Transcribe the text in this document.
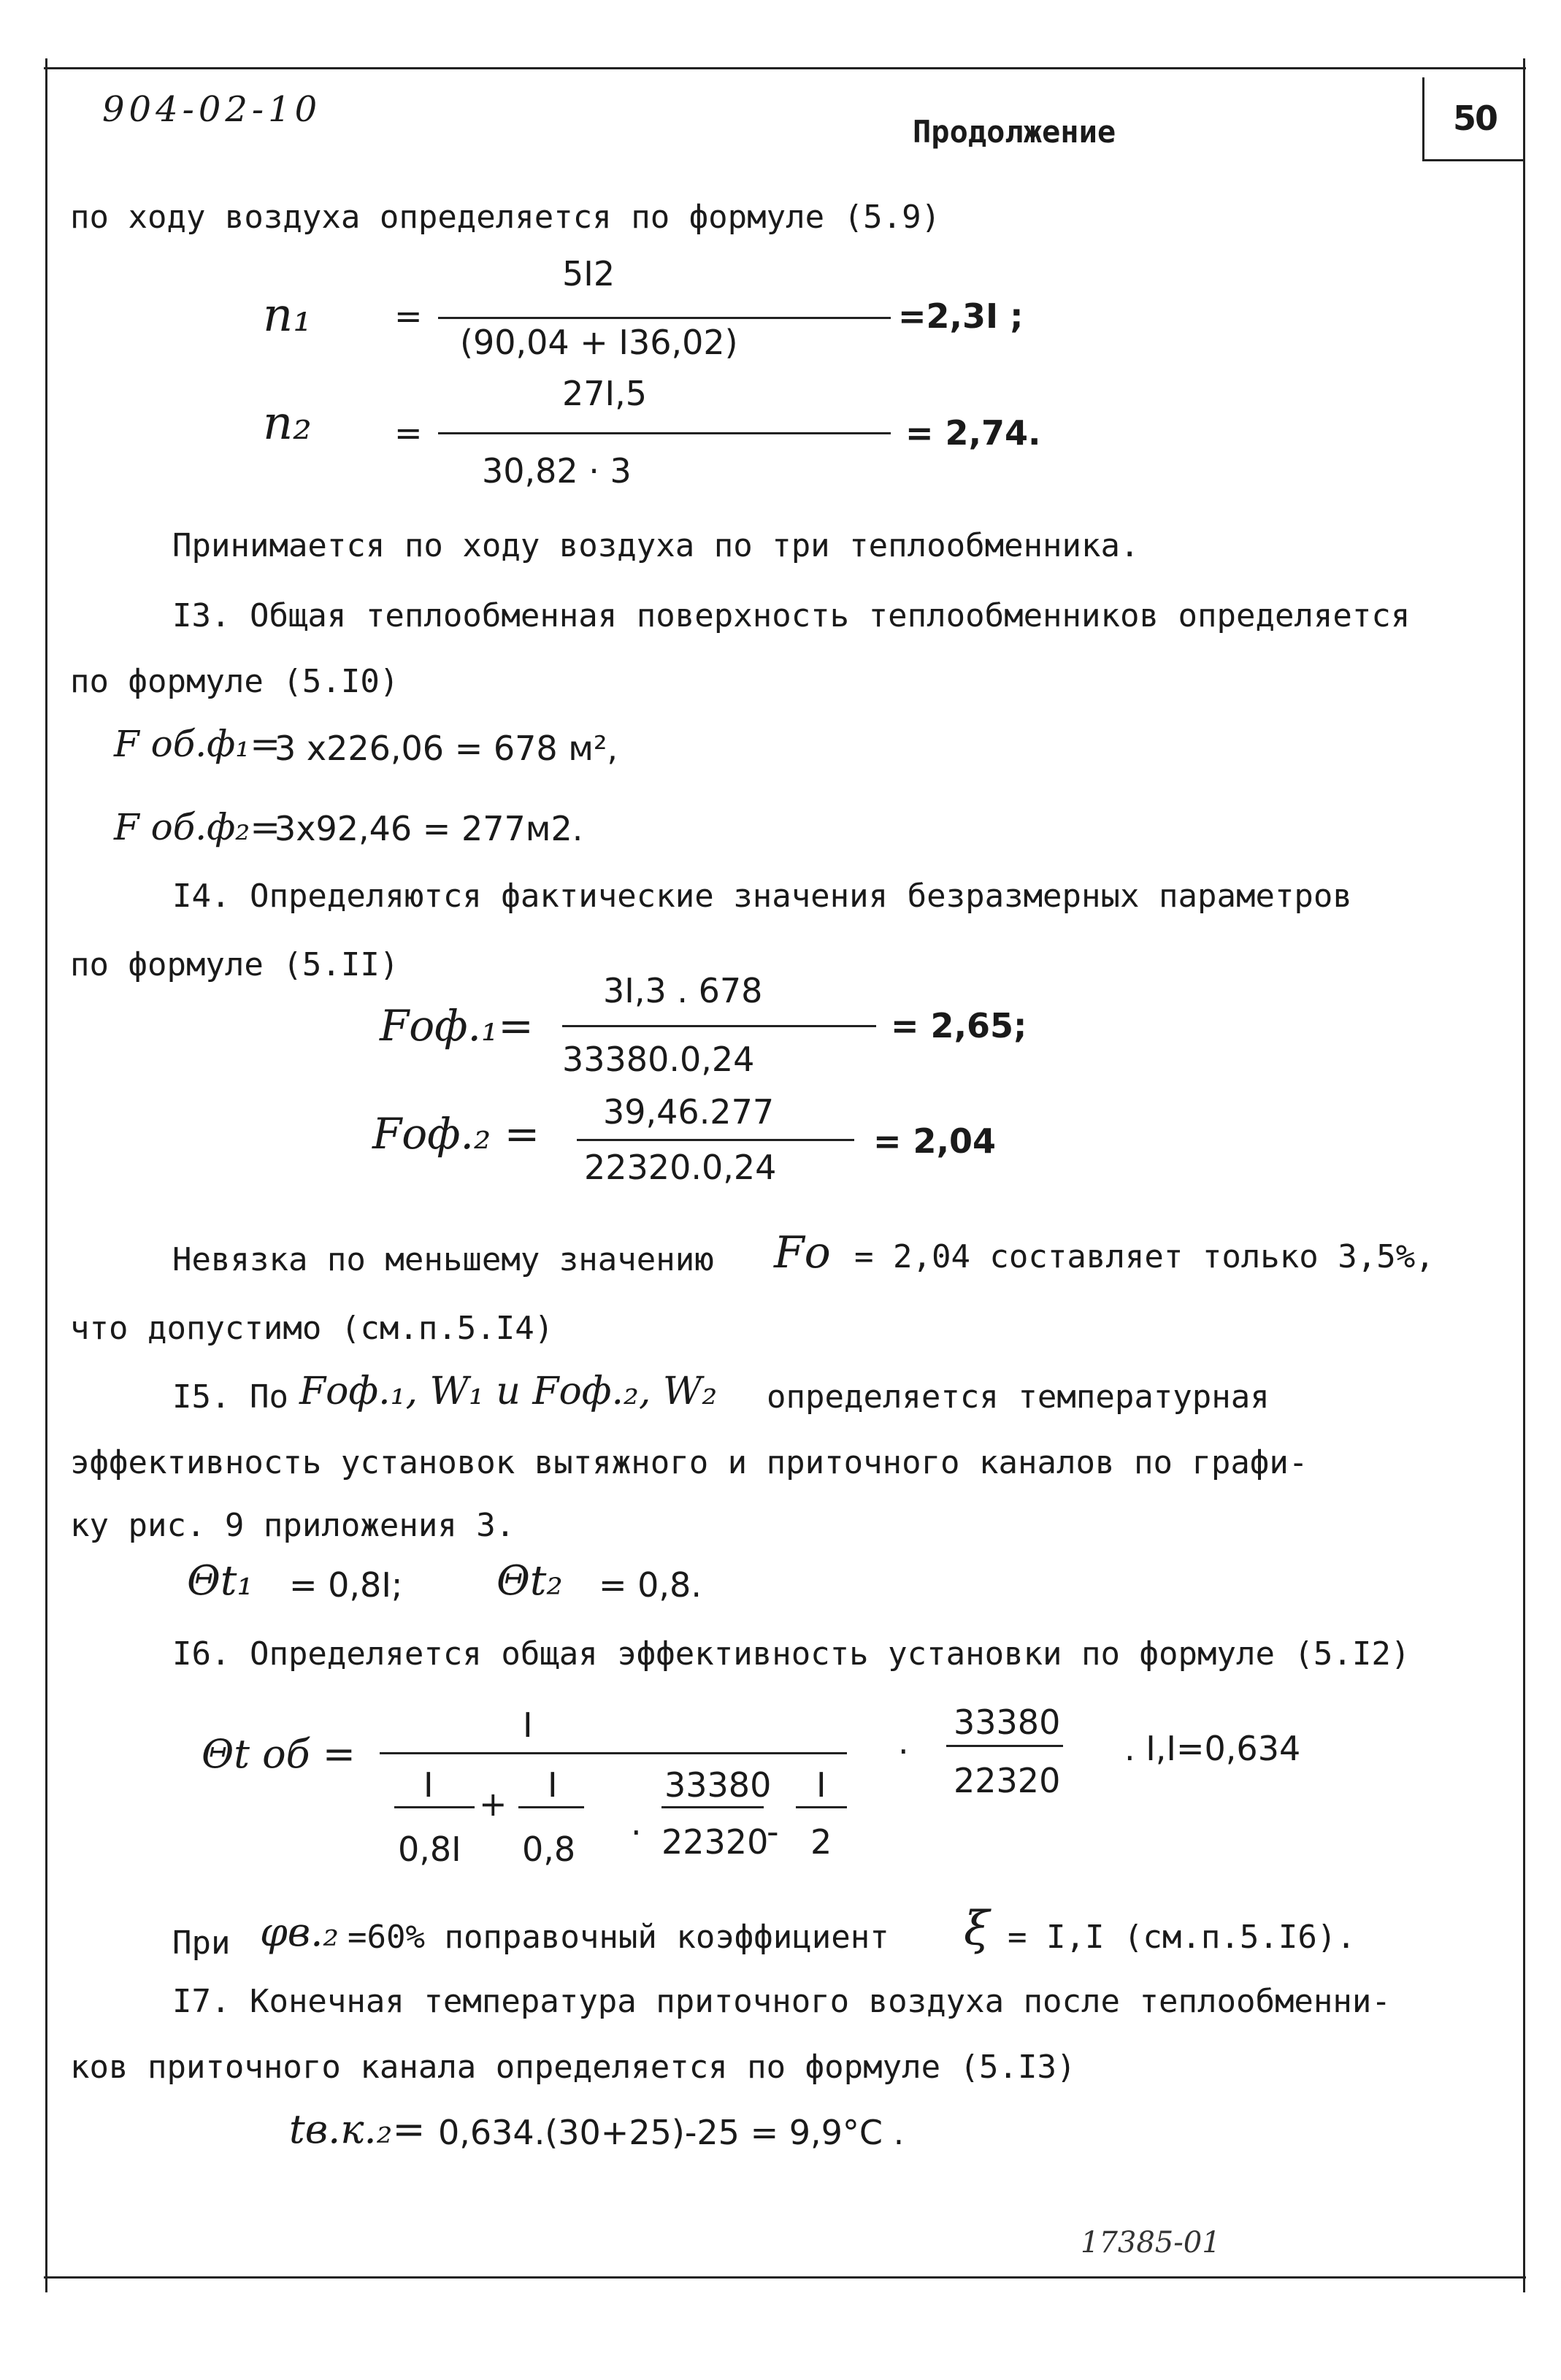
904-02-10
Продолжение	50
по ходу воздуха определяется по формуле (5.9)
n₁ =
5I2
(90,04 + I36,02)
=2,3I ;
n₂ =
27I,5
30,82 · 3
= 2,74.
Принимается по ходу воздуха по три теплообменника.
I3. Общая теплообменная поверхность теплообменников определяется
по формуле (5.I0)
F об.ф₁=
3 х226,06 = 678 м²,
F об.ф₂=
3х92,46 = 277м2.
I4. Определяются фактические значения безразмерных параметров
по формуле (5.II)
Fоф.₁=
3I,3 . 678
33380.0,24
= 2,65;
Fоф.₂ = 39,46.277
22320.0,24
= 2,04
Невязка по меньшему значению Fо = 2,04 составляет только 3,5%,
что допустимо (см.п.5.I4)
I5. По Fоф.₁, W₁ и Fоф.₂, W₂ определяется температурная
эффективность установок вытяжного и приточного каналов по графи-
ку рис. 9 приложения 3.
Θt₁ = 0,8I; Θt₂ = 0,8.
I6. Определяется общая эффективность установки по формуле (5.I2)
Θt об =
I
I
0,8I
+ I
0,8
.
33380
22320
-
I
2
·
33380
22320
. I,I=0,634
При φв.₂ =60% поправочный коэффициент ξ = I,I (см.п.5.I6).
I7. Конечная температура приточного воздуха после теплообменни-
ков приточного канала определяется по формуле (5.I3)
tв.к.₂= 0,634.(30+25)-25 = 9,9°С .
17385-01
